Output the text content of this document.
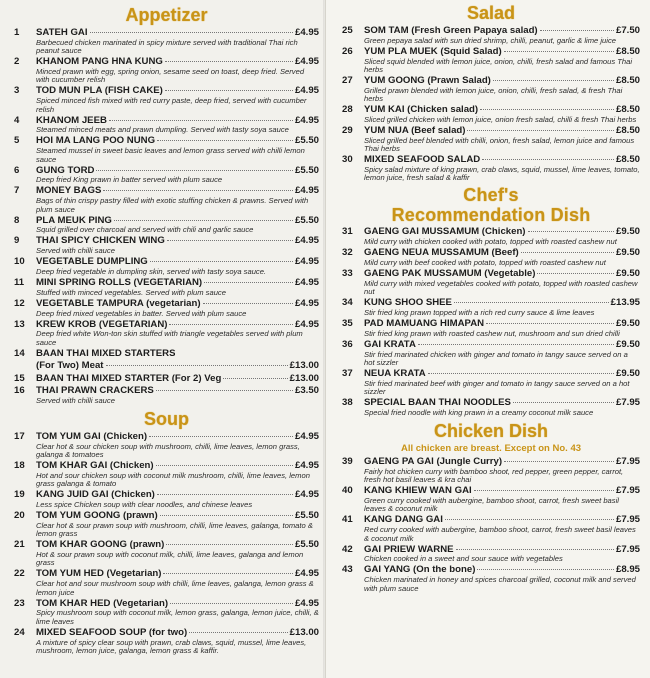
Appetizer
1	SATEH GAI	£4.95
Barbecued chicken marinated in spicy mixture served with traditional Thai rich peanut sauce
2	KHANOM PANG HNA KUNG	£4.95
Minced prawn with egg, spring onion, sesame seed on toast, deep fried. Served with cucumber relish
3	TOD MUN PLA (FISH CAKE)	£4.95
Spiced minced fish mixed with red curry paste, deep fried, served with cucumber relish
4	KHANOM JEEB	£4.95
Steamed minced meats and prawn dumpling. Served with tasty soya sauce
5	HOI MA LANG POO NUNG	£5.50
Steamed mussel in sweet basic leaves and lemon grass served with chilli lemon sauce
6	GUNG TORD	£5.50
Deep fried King prawn in batter served with plum sauce
7	MONEY BAGS	£4.95
Bags of thin crispy pastry filled with exotic stuffing chicken & prawns. Served with plum sauce
8	PLA MEUK PING	£5.50
Squid grilled over charcoal and served with chili and garlic sauce
9	THAI SPICY CHICKEN WING	£4.95
Served with chilli sauce
10	VEGETABLE DUMPLING	£4.95
Deep fried vegetable in dumpling skin, served with tasty soya sauce.
11	MINI SPRING ROLLS (VEGETARIAN)	£4.95
Stuffed with minced vegetables. Served with plum sauce
12	VEGETABLE TAMPURA (vegetarian)	£4.95
Deep fried mixed vegetables in batter. Served with plum sauce
13	KREW KROB (VEGETARIAN)	£4.95
Deep fried white Won-ton skin stuffed with triangle vegetables served with plum sauce
14	BAAN THAI MIXED STARTERS
(For Two) Meat	£13.00
15	BAAN THAI MIXED STARTER (For 2) Veg	£13.00
16	THAI PRAWN CRACKERS	£3.50
Served with chilli sauce
Soup
17	TOM YUM GAI (Chicken)	£4.95
Clear hot & sour chicken soup with mushroom, chilli, lime leaves, lemon grass, galanga & tomatoes
18	TOM KHAR GAI (Chicken)	£4.95
Hot and sour chicken soup with coconut milk mushroom, chilli, lime leaves, lemon grass galanga & tomato
19	KANG JUID GAI (Chicken)	£4.95
Less spice Chicken soup with clear noodles, and chinese leaves
20	TOM YUM GOONG (prawn)	£5.50
Clear hot & sour prawn soup with mushroom, chilli, lime leaves, galanga, tomato & lemon grass
21	TOM KHAR GOONG (prawn)	£5.50
Hot & sour prawn soup with coconut milk, chilli, lime leaves, galanga and lemon grass
22	TOM YUM HED (Vegetarian)	£4.95
Clear hot and sour mushroom soup with chilli, lime leaves, galanga, lemon grass & lemon juice
23	TOM KHAR HED (Vegetarian)	£4.95
Spicy mushroom soup with coconut milk, lemon grass, galanga, lemon juice, chilli, & lime leaves
24	MIXED SEAFOOD SOUP (for two)	£13.00
A mixture of spicy clear soup with prawn, crab claws, squid, mussel, lime leaves, mushroom, lemon juice, galanga, lemon grass & kaffir.
Salad
25	SOM TAM (Fresh Green Papaya salad)	£7.50
Green pepaya salad with sun dried shrimp, chilli, peanut, garlic & lime juice
26	YUM PLA MUEK (Squid Salad)	£8.50
Sliced squid blended with lemon juice, onion, chilli, fresh salad and famous Thai herbs
27	YUM GOONG (Prawn Salad)	£8.50
Grilled prawn blended with lemon juice, onion, chilli, fresh salad, & fresh Thai herbs
28	YUM KAI (Chicken salad)	£8.50
Sliced grilled chicken with lemon juice, onion fresh salad, chilli & fresh Thai herbs
29	YUM NUA (Beef salad)	£8.50
Sliced grilled beef blended with chilli, onion, fresh salad, lemon juice and famous Thai herbs
30	MIXED SEAFOOD SALAD	£8.50
Spicy salad mixture of king prawn, crab claws, squid, mussel, lime leaves, tomato, lemon juice, fresh salad & kaffir
Chef's
Recommendation Dish
31	GAENG GAI MUSSAMUM (Chicken)	£9.50
Mild curry with chicken cooked with potato, topped with roasted cashew nut
32	GAENG NEUA MUSSAMUM (Beef)	£9.50
Mild curry with beef cooked with potato, topped with roasted cashew nut
33	GAENG PAK MUSSAMUM (Vegetable)	£9.50
Mild curry with mixed vegetables cooked with potato, topped with roasted cashew nut
34	KUNG SHOO SHEE	£13.95
Stir fried king prawn topped with a rich red curry sauce & lime leaves
35	PAD MAMUANG HIMAPAN	£9.50
Stir fried king prawn with roasted cashew nut, mushroom and sun dried chilli
36	GAI KRATA	£9.50
Stir fried marinated chicken with ginger and tomato in tangy sauce served on a hot sizzler
37	NEUA KRATA	£9.50
Stir fried marinated beef with ginger and tomato in tangy sauce served on a hot sizzler
38	SPECIAL BAAN THAI NOODLES	£7.95
Special fried noodle with king prawn in a creamy coconut milk sauce
Chicken Dish
All chicken are breast. Except on No. 43
39	GAENG PA GAI (Jungle Curry)	£7.95
Fairly hot chicken curry with bamboo shoot, red pepper, green pepper, carrot, fresh hot basil leaves & kra chai
40	KANG KHIEW WAN GAI	£7.95
Green curry cooked with aubergine, bamboo shoot, carrot, fresh sweet basil leaves & coconut milk
41	KANG DANG GAI	£7.95
Red curry cooked with aubergine, bamboo shoot, carrot, fresh sweet basil leaves & coconut milk
42	GAI PRIEW WARNE	£7.95
Chicken cooked in a sweet and sour sauce with vegetables
43	GAI YANG (On the bone)	£8.95
Chicken marinated in honey and spices charcoal grilled, coconut milk and served with plum sauce
